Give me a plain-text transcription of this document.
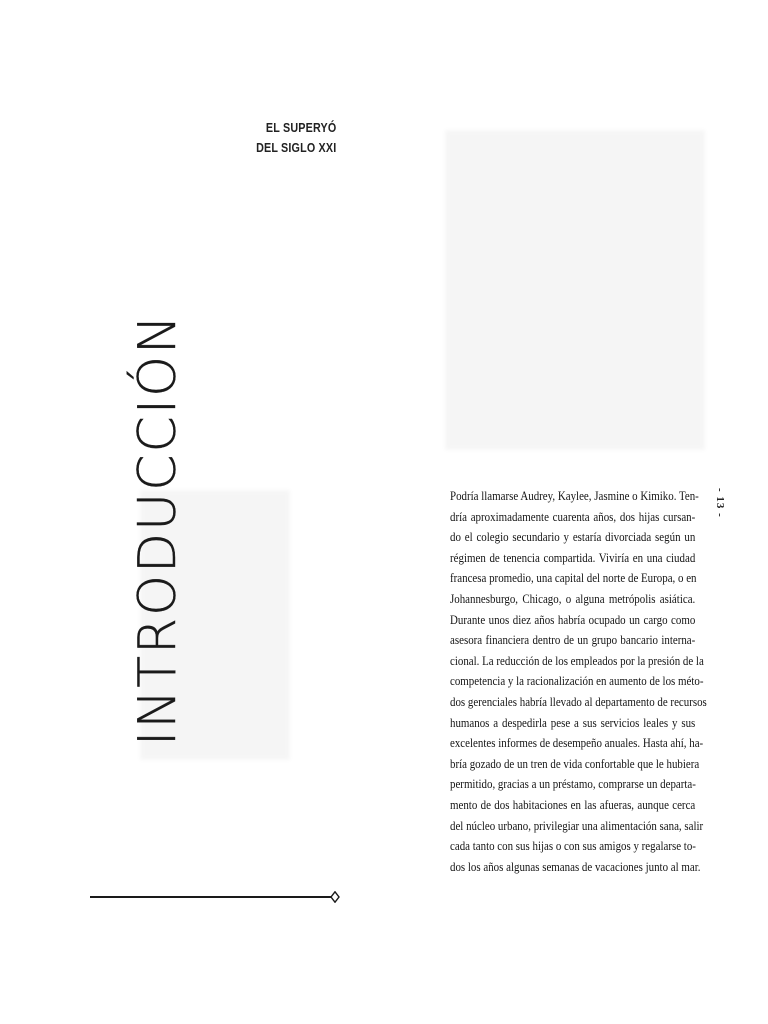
INTRODUCCIÓN
EL SUPERYÓ
DEL SIGLO XXI
- 13 -
Podría llamarse Audrey, Kaylee, Jasmine o Kimiko. Ten-
dría aproximadamente cuarenta años, dos hijas cursan-
do el colegio secundario y estaría divorciada según un
régimen de tenencia compartida. Viviría en una ciudad
francesa promedio, una capital del norte de Europa, o en
Johannesburgo, Chicago, o alguna metrópolis asiática.
Durante unos diez años habría ocupado un cargo como
asesora financiera dentro de un grupo bancario interna-
cional. La reducción de los empleados por la presión de la
competencia y la racionalización en aumento de los méto-
dos gerenciales habría llevado al departamento de recursos
humanos a despedirla pese a sus servicios leales y sus
excelentes informes de desempeño anuales. Hasta ahí, ha-
bría gozado de un tren de vida confortable que le hubiera
permitido, gracias a un préstamo, comprarse un departa-
mento de dos habitaciones en las afueras, aunque cerca
del núcleo urbano, privilegiar una alimentación sana, salir
cada tanto con sus hijas o con sus amigos y regalarse to-
dos los años algunas semanas de vacaciones junto al mar.
